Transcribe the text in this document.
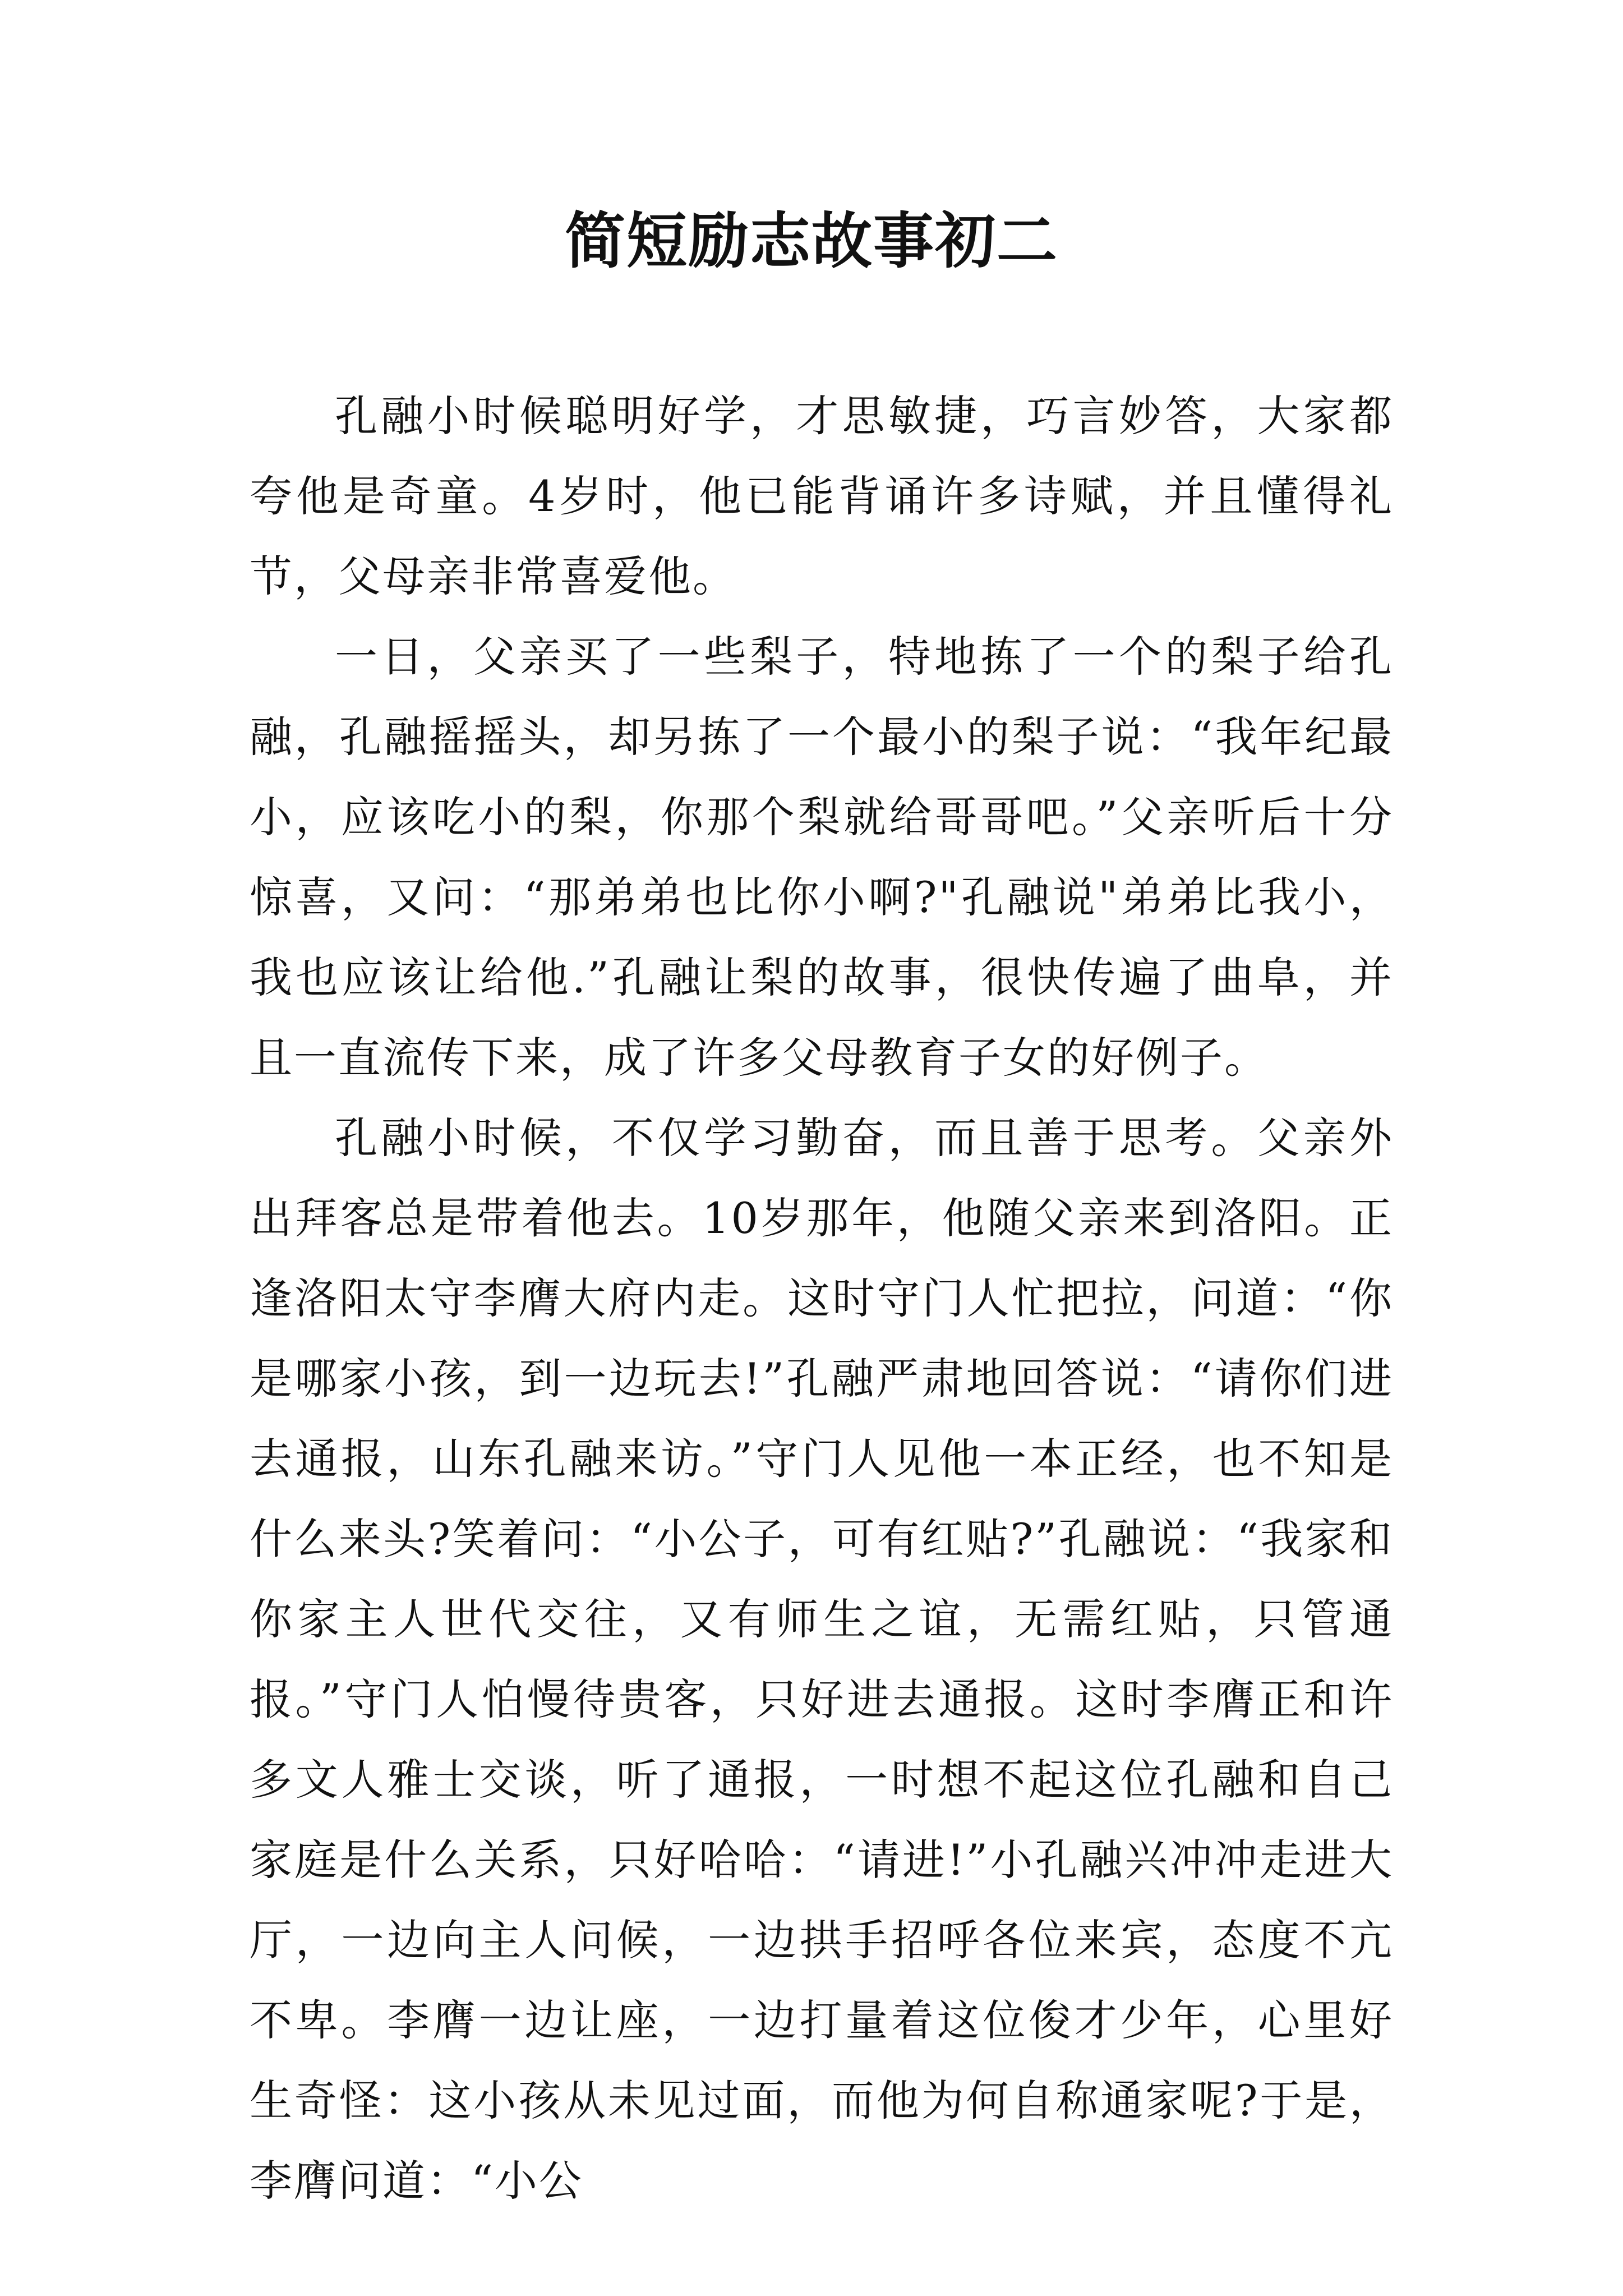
简短励志故事初二

孔融小时候聪明好学，才思敏捷，巧言妙答，大家都夸他是奇童。4岁时，他已能背诵许多诗赋，并且懂得礼节，父母亲非常喜爱他。

一日，父亲买了一些梨子，特地拣了一个的梨子给孔融，孔融摇摇头，却另拣了一个最小的梨子说：“我年纪最小，应该吃小的梨，你那个梨就给哥哥吧。”父亲听后十分惊喜，又问：“那弟弟也比你小啊?"孔融说"弟弟比我小，我也应该让给他.”孔融让梨的故事，很快传遍了曲阜，并且一直流传下来，成了许多父母教育子女的好例子。

孔融小时候，不仅学习勤奋，而且善于思考。父亲外出拜客总是带着他去。10岁那年，他随父亲来到洛阳。正逢洛阳太守李膺大府内走。这时守门人忙把拉，问道：“你是哪家小孩，到一边玩去!”孔融严肃地回答说：“请你们进去通报，山东孔融来访。”守门人见他一本正经，也不知是什么来头?笑着问：“小公子，可有红贴?”孔融说：“我家和你家主人世代交往，又有师生之谊，无需红贴，只管通报。”守门人怕慢待贵客，只好进去通报。这时李膺正和许多文人雅士交谈，听了通报，一时想不起这位孔融和自己家庭是什么关系，只好哈哈：“请进!”小孔融兴冲冲走进大厅，一边向主人问候，一边拱手招呼各位来宾，态度不亢不卑。李膺一边让座，一边打量着这位俊才少年，心里好生奇怪：这小孩从未见过面，而他为何自称通家呢?于是，李膺问道：“小公
